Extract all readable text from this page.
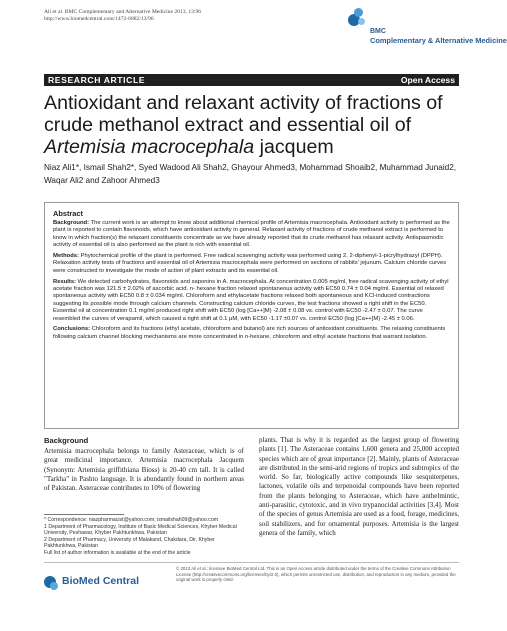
Ali et al. BMC Complementary and Alternative Medicine 2013, 13:96
http://www.biomedcentral.com/1472-6882/13/96
BMC
Complementary & Alternative Medicine
RESEARCH ARTICLE	Open Access
Antioxidant and relaxant activity of fractions of crude methanol extract and essential oil of Artemisia macrocephala jacquem
Niaz Ali1*, Ismail Shah2*, Syed Wadood Ali Shah2, Ghayour Ahmed3, Mohammad Shoaib2, Muhammad Junaid2, Waqar Ali2 and Zahoor Ahmed3
Abstract

Background: The current work is an attempt to know about additional chemical profile of Artemisia macrocephala. Antioxidant activity is performed as the plant is reported to contain flavonoids, which have antioxidant activity in general. Relaxant activity of fractions of crude methanol extract is performed to know in which fraction(s) the relaxant constituents concentrate as we have already reported that its crude methanol has relaxant activity. Antispasmodic activity of essential oil is also performed as the plant is rich with essential oil.

Methods: Phytochemical profile of the plant is performed. Free radical scavenging activity was performed using 2, 2-diphenyl-1-picrylhydrazyl (DPPH). Relaxation activity tests of fractions and essential oil of Artemisia macrocephala were performed on sections of rabbits' jejunum. Calcium chloride curves were constructed to investigate the mode of action of plant extracts and its essential oil.

Results: We detected carbohydrates, flavonoids and saponins in A. macrocephala. At concentration 0.005 mg/ml, free radical scavenging activity of ethyl acetate fraction was 121.5 ± 2.02% of ascorbic acid. n- hexane fraction relaxed spontaneous activity with EC50 0.74 ± 0.04 mg/ml. Essential oil relaxed spontaneous activity with EC50 0.8 ± 0.034 mg/ml. Chloroform and ethylacetate fractions relaxed both spontaneous and KCl-induced contractions suggesting its possible mode through calcium channels. Constructing calcium chloride curves, the test fractions showed a right shift in the EC50. Essential oil at concentration 0.1 mg/ml produced right shift with EC50 (log [Ca++]M) -2.08 ± 0.08 vs. control with EC50 -2.47 ± 0.07. The curve resembled the curves of verapamil, which caused a right shift at 0.1 µM, with EC50 -1.17 ±0.07 vs. control EC50 (log [Ca++]M) -2.45 ± 0.06.

Conclusions: Chloroform and its fractions (ethyl acetate, chloroform and butanol) are rich sources of antioxidant constituents. The relaxing constituents following calcium channel blocking mechanisms are more concentrated in n-hexane, chloroform and ethyl acetate fractions that warrant isolation.

Background
Artemisia macrocephala belongs to family Asteraceae, which is of great medicinal importance. Artemisia macrocephala Jacquem (Synonym: Artemisia griffithiana Bioss) is 20-40 cm tall. It is called "Tarkha" in Pashto language. It is abundantly found in northern areas of Pakistan. Asteraceae contributes to 10% of flowering
plants. That is why it is regarded as the largest group of flowering plants [1]. The Asteraceae contains 1,600 genera and 25,000 accepted species which are of great importance [2]. Mainly, plants of Asteraceae are distributed in the semi-arid regions of tropics and subtropics of the world. So far, biologically active compounds like sesquiterpenes, lactones, volatile oils and terpenoidal compounds have been reported from the plants belonging to Asteraceae, which have anthelmintic, anti-parasitic, cytotoxic, and in vivo trypanocidal activities [3,4]. Most of the species of genus Artemisia are used as a food, forage, medicines, soil stabilizers, and for ornamental purposes. Artemisia is the largest genera of the family, which
* Correspondence: niazpharmacist@yahoo.com; ismailshah09@yahoo.com
1 Department of Pharmacology, Institute of Basic Medical Sciences, Khyber Medical University, Peshawar, Khyber Pakhtunkhwa, Pakistan
2 Department of Pharmacy, University of Malakand, Chakdara, Dir, Khyber Pakhtunkhwa, Pakistan
Full list of author information is available at the end of the article
BioMed Central
© 2013 Ali et al.; licensee BioMed Central Ltd. This is an Open Access article distributed under the terms of the Creative Commons Attribution License (http://creativecommons.org/licenses/by/2.0), which permits unrestricted use, distribution, and reproduction in any medium, provided the original work is properly cited.
